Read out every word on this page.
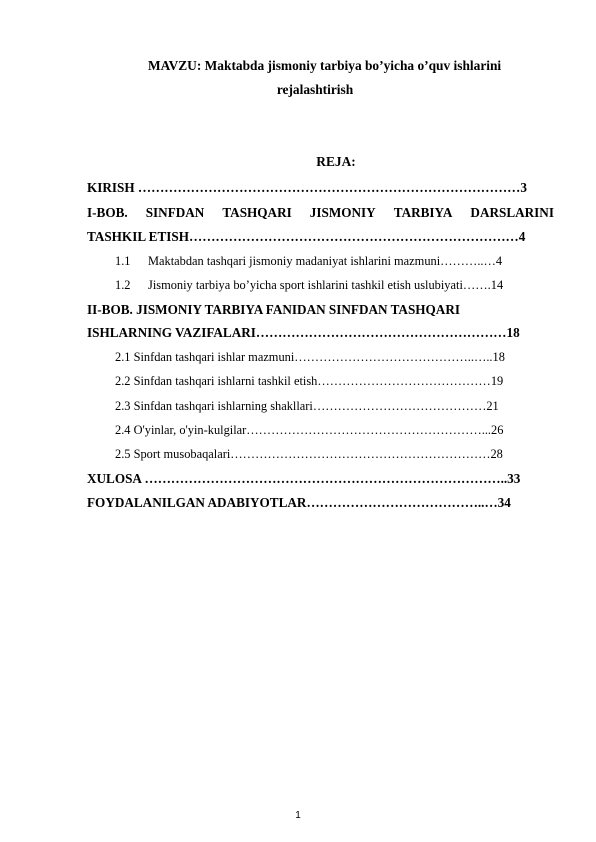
MAVZU: Maktabda jismoniy tarbiya bo’yicha o’quv ishlarini
rejalashtirish
REJA:
KIRISH ……………………………………………………………………………3
I-BOB. SINFDAN TASHQARI JISMONIY TARBIYA DARSLARINI
TASHKIL ETISH…………………………………………………………………4
1.1 Maktabdan tashqari jismoniy madaniyat ishlarini mazmuni………..…4
1.2 Jismoniy tarbiya bo’yicha sport ishlarini tashkil etish uslubiyati…….14
II-BOB. JISMONIY TARBIYA FANIDAN SINFDAN TASHQARI
ISHLARNING VAZIFALARI…………………………………………………18
2.1 Sinfdan tashqari ishlar mazmuni……………………………………..…..18
2.2 Sinfdan tashqari ishlarni tashkil etish……………………………………19
2.3 Sinfdan tashqari ishlarning shakllari……………………………………21
2.4 O'yinlar, o'yin-kulgilar…………………………………………………...26
2.5 Sport musobaqalari………………………………………………………28
XULOSA ………………………………………………………………………..33
FOYDALANILGAN ADABIYOTLAR…………………………………..…34
1
